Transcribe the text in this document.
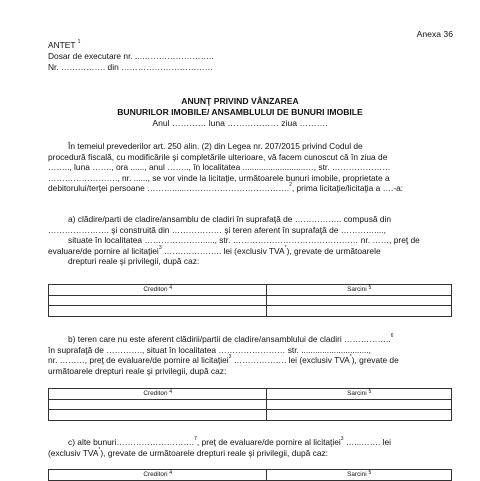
Anexa 36
ANTET $^1$
Dosar de executare nr. ...……………………..
Nr. ……………. din ……………………………
ANUNŢ PRIVIND VÂNZAREA
BUNURILOR IMOBILE/ ANSAMBLULUI DE BUNURI IMOBILE
Anul ………… luna ……………… ziua ……….
În temeiul prevederilor art. 250 alin. (2) din Legea nr. 207/2015 privind Codul de
procedură fiscală, cu modificările şi completările ulterioare, vă facem cunoscut că în ziua de
…….., luna ……., ora ......, anul …….., în localitatea ...........................…, str. …………………
……………………., nr. ......, se vor vinde la licitaţie, următoarele bunuri imobile, proprietate a
debitorului/terţei persoane ………......……………………………….$^2$, prima licitaţie/licitaţia a ….-a:
a) clădire/parti de cladire/ansamblu de cladiri în suprafaţă de …………….. compusă din
…………………. şi construită din ……………… şi teren aferent în suprafaţă de …………....,
situate în localitatea …………………....., str. ……………………………………… nr. ……, preţ de
evaluare/de pornire al licitaţiei$^3$ …….………….. lei (exclusiv TVA*), grevate de următoarele
drepturi reale şi privilegii, după caz:
Creditori $^4$	Sarcini $^5$

b) teren care nu este aferent clădirii/partii de cladire/ansamblului de cladiri ……………..$^6$
în suprafaţă de …………., situat în localitatea …………………… str. .............................,
nr. ………, preţ de evaluare/de pornire al licitaţiei$^3$ ………………. lei (exclusiv TVA*), grevate de
următoarele drepturi reale şi privilegii, după caz:
Creditori $^4$	Sarcini $^5$

c) alte bunuri……………………….$^7$, preţ de evaluare/de pornire al licitaţiei$^3$ …...……. lei
(exclusiv TVA*), grevate de următoarele drepturi reale şi privilegii, după caz:
Creditori $^4$	Sarcini $^5$
